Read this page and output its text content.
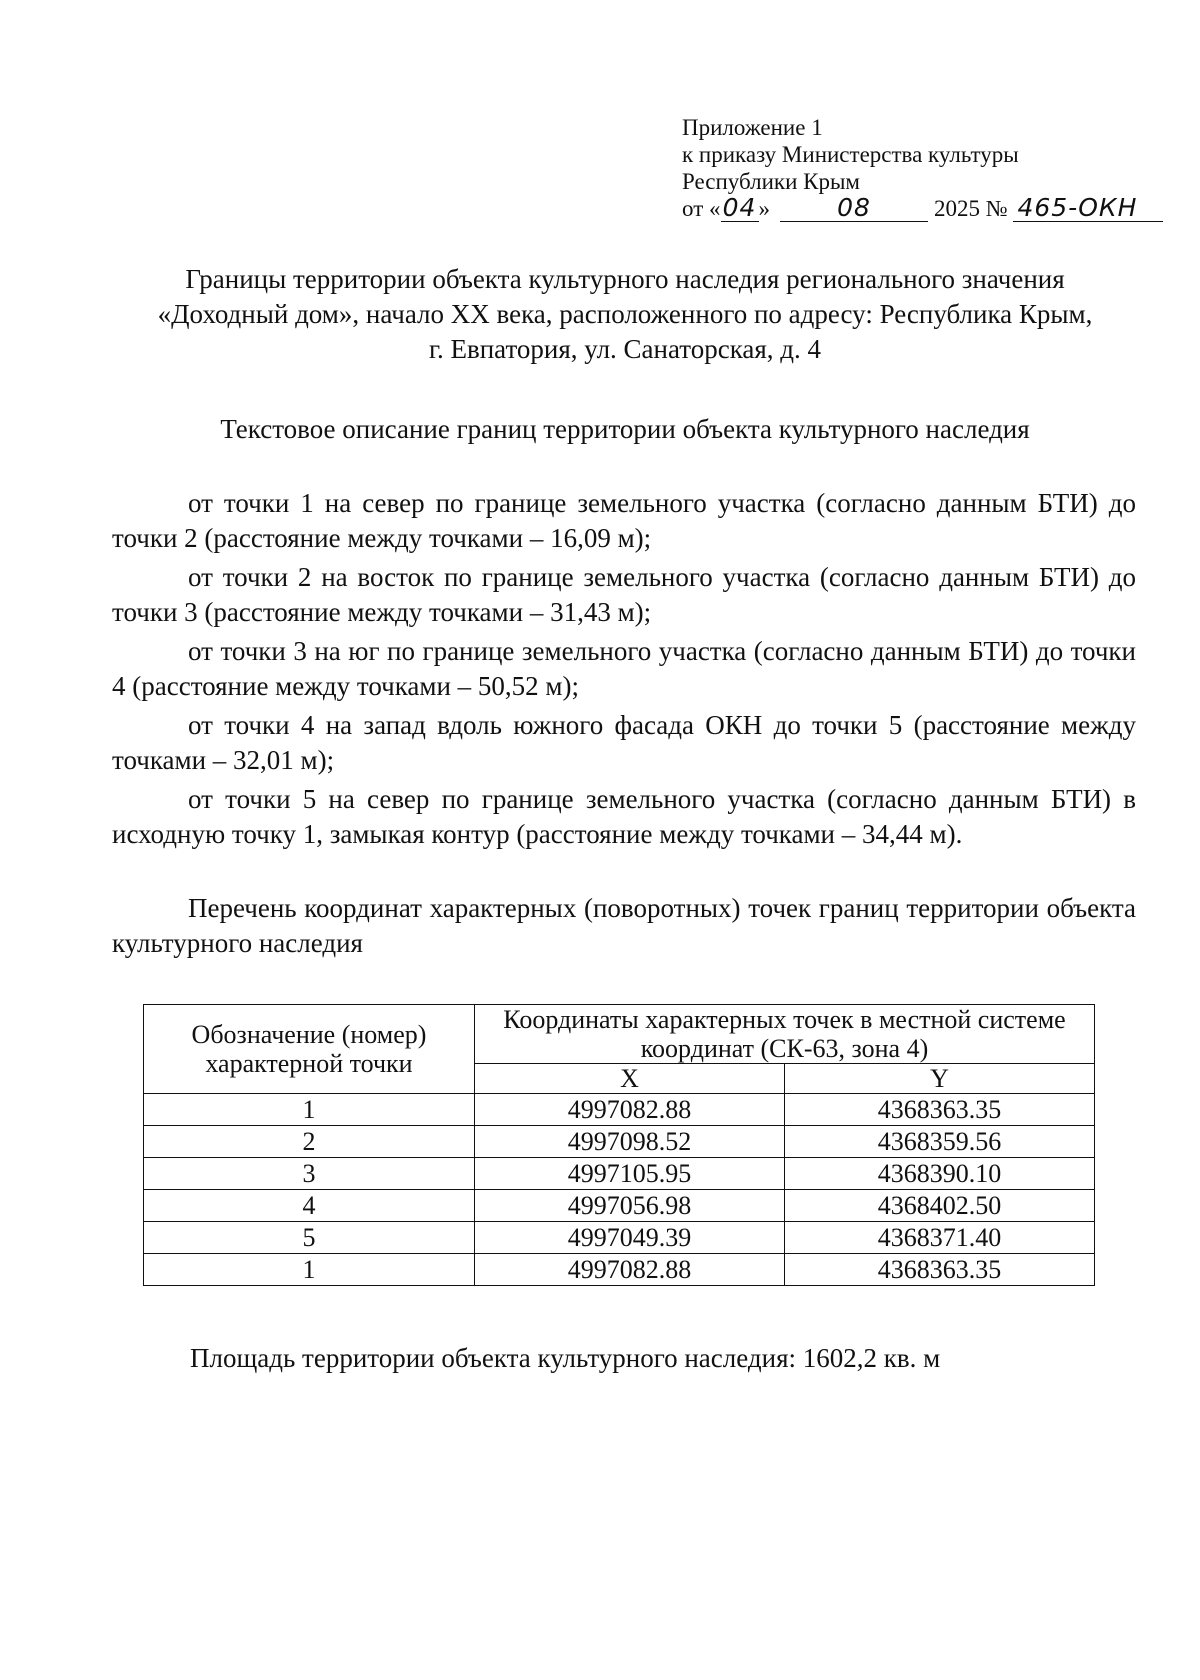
Приложение 1
к приказу Министерства культуры
Республики Крым
от «04»	08	2025 № 465-ОКН
Границы территории объекта культурного наследия регионального значения
«Доходный дом», начало XX века, расположенного по адресу: Республика Крым,
г. Евпатория, ул. Санаторская, д. 4
Текстовое описание границ территории объекта культурного наследия

от точки 1 на север по границе земельного участка (согласно данным БТИ) до точки 2 (расстояние между точками – 16,09 м);

от точки 2 на восток по границе земельного участка (согласно данным БТИ) до точки 3 (расстояние между точками – 31,43 м);

от точки 3 на юг по границе земельного участка (согласно данным БТИ) до точки 4 (расстояние между точками – 50,52 м);

от точки 4 на запад вдоль южного фасада ОКН до точки 5 (расстояние между точками – 32,01 м);

от точки 5 на север по границе земельного участка (согласно данным БТИ) в исходную точку 1, замыкая контур (расстояние между точками – 34,44 м).

Перечень координат характерных (поворотных) точек границ территории объекта культурного наследия
Обозначение (номер) характерной точки	Координаты характерных точек в местной системе координат (СК-63, зона 4)	
	X	Y
1	4997082.88	4368363.35
2	4997098.52	4368359.56
3	4997105.95	4368390.10
4	4997056.98	4368402.50
5	4997049.39	4368371.40
1	4997082.88	4368363.35
Площадь территории объекта культурного наследия: 1602,2 кв. м
